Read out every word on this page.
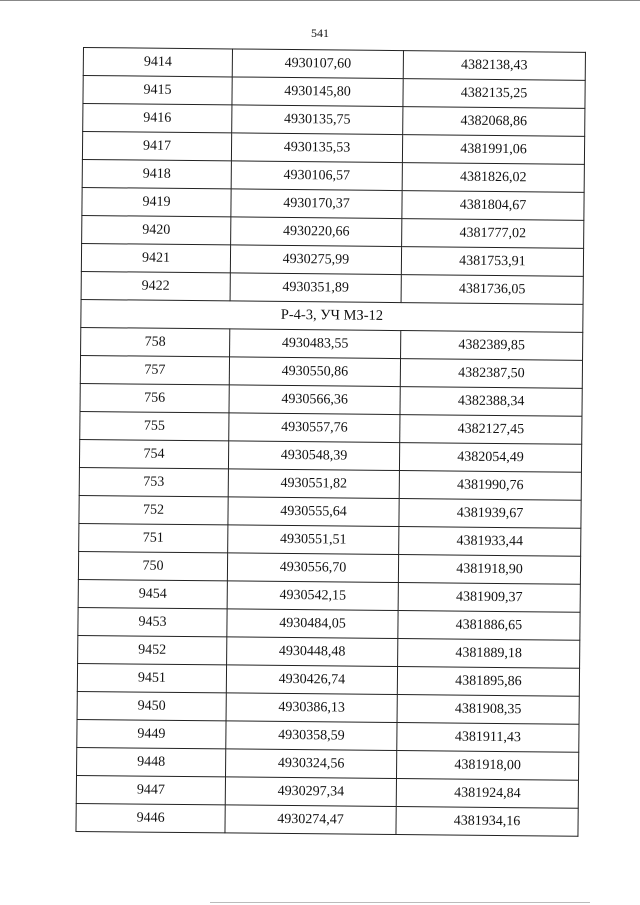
541
9414	4930107,60	4382138,43
9415	4930145,80	4382135,25
9416	4930135,75	4382068,86
9417	4930135,53	4381991,06
9418	4930106,57	4381826,02
9419	4930170,37	4381804,67
9420	4930220,66	4381777,02
9421	4930275,99	4381753,91
9422	4930351,89	4381736,05
Р-4-3, УЧ МЗ-12		
758	4930483,55	4382389,85
757	4930550,86	4382387,50
756	4930566,36	4382388,34
755	4930557,76	4382127,45
754	4930548,39	4382054,49
753	4930551,82	4381990,76
752	4930555,64	4381939,67
751	4930551,51	4381933,44
750	4930556,70	4381918,90
9454	4930542,15	4381909,37
9453	4930484,05	4381886,65
9452	4930448,48	4381889,18
9451	4930426,74	4381895,86
9450	4930386,13	4381908,35
9449	4930358,59	4381911,43
9448	4930324,56	4381918,00
9447	4930297,34	4381924,84
9446	4930274,47	4381934,16
